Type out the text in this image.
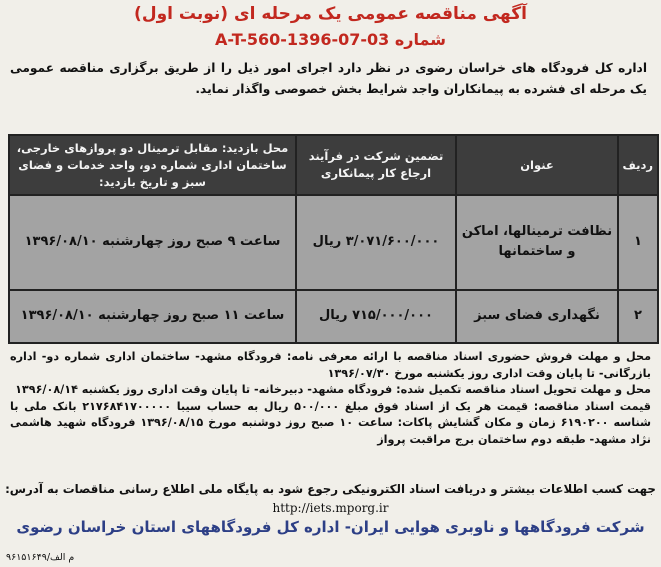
آگهی مناقصه عمومی یک مرحله ای (نوبت اول)
شماره A-T-560-1396-07-03
اداره کل فرودگاه های خراسان رضوی در نظر دارد اجرای امور ذیل را از طریق برگزاری مناقصه عمومی یک مرحله ای فشرده به پیمانکاران واجد شرایط بخش خصوصی واگذار نماید.
ردیف	عنوان	تضمین شرکت در فرآیند ارجاع کار پیمانکاری	محل بازدید: مقابل ترمینال دو پروازهای خارجی، ساختمان اداری شماره دو، واحد خدمات و فضای سبز و تاریخ بازدید:
۱	نظافت ترمینالها، اماکن و ساختمانها	۳/۰۷۱/۶۰۰/۰۰۰ ریال	ساعت ۹ صبح روز چهارشنبه ۱۳۹۶/۰۸/۱۰
۲	نگهداری فضای سبز	۷۱۵/۰۰۰/۰۰۰ ریال	ساعت ۱۱ صبح روز چهارشنبه ۱۳۹۶/۰۸/۱۰

محل و مهلت فروش حضوری اسناد مناقصه با ارائه معرفی نامه: فرودگاه مشهد- ساختمان اداری شماره دو- اداره بازرگانی- تا پایان وقت اداری روز یکشنبه مورخ ۱۳۹۶/۰۷/۳۰

محل و مهلت تحویل اسناد مناقصه تکمیل شده: فرودگاه مشهد- دبیرخانه- تا پایان وقت اداری روز یکشنبه ۱۳۹۶/۰۸/۱۴

قیمت اسناد مناقصه: قیمت هر یک از اسناد فوق مبلغ ۵۰۰/۰۰۰ ریال به حساب سیبا ۲۱۷۶۸۴۱۷۰۰۰۰۰ بانک ملی با شناسه ۶۱۹۰۲۰۰ زمان و مکان گشایش پاکات: ساعت ۱۰ صبح روز دوشنبه مورخ ۱۳۹۶/۰۸/۱۵ فرودگاه شهید هاشمی نژاد مشهد- طبقه دوم ساختمان برج مراقبت پرواز

جهت کسب اطلاعات بیشتر و دریافت اسناد الکترونیکی رجوع شود به پایگاه ملی اطلاع رسانی مناقصات به آدرس:
http://iets.mporg.ir
شرکت فرودگاهها و ناوبری هوایی ایران- اداره کل فرودگاههای استان خراسان رضوی
م الف/۹۶۱۵۱۶۴۹
